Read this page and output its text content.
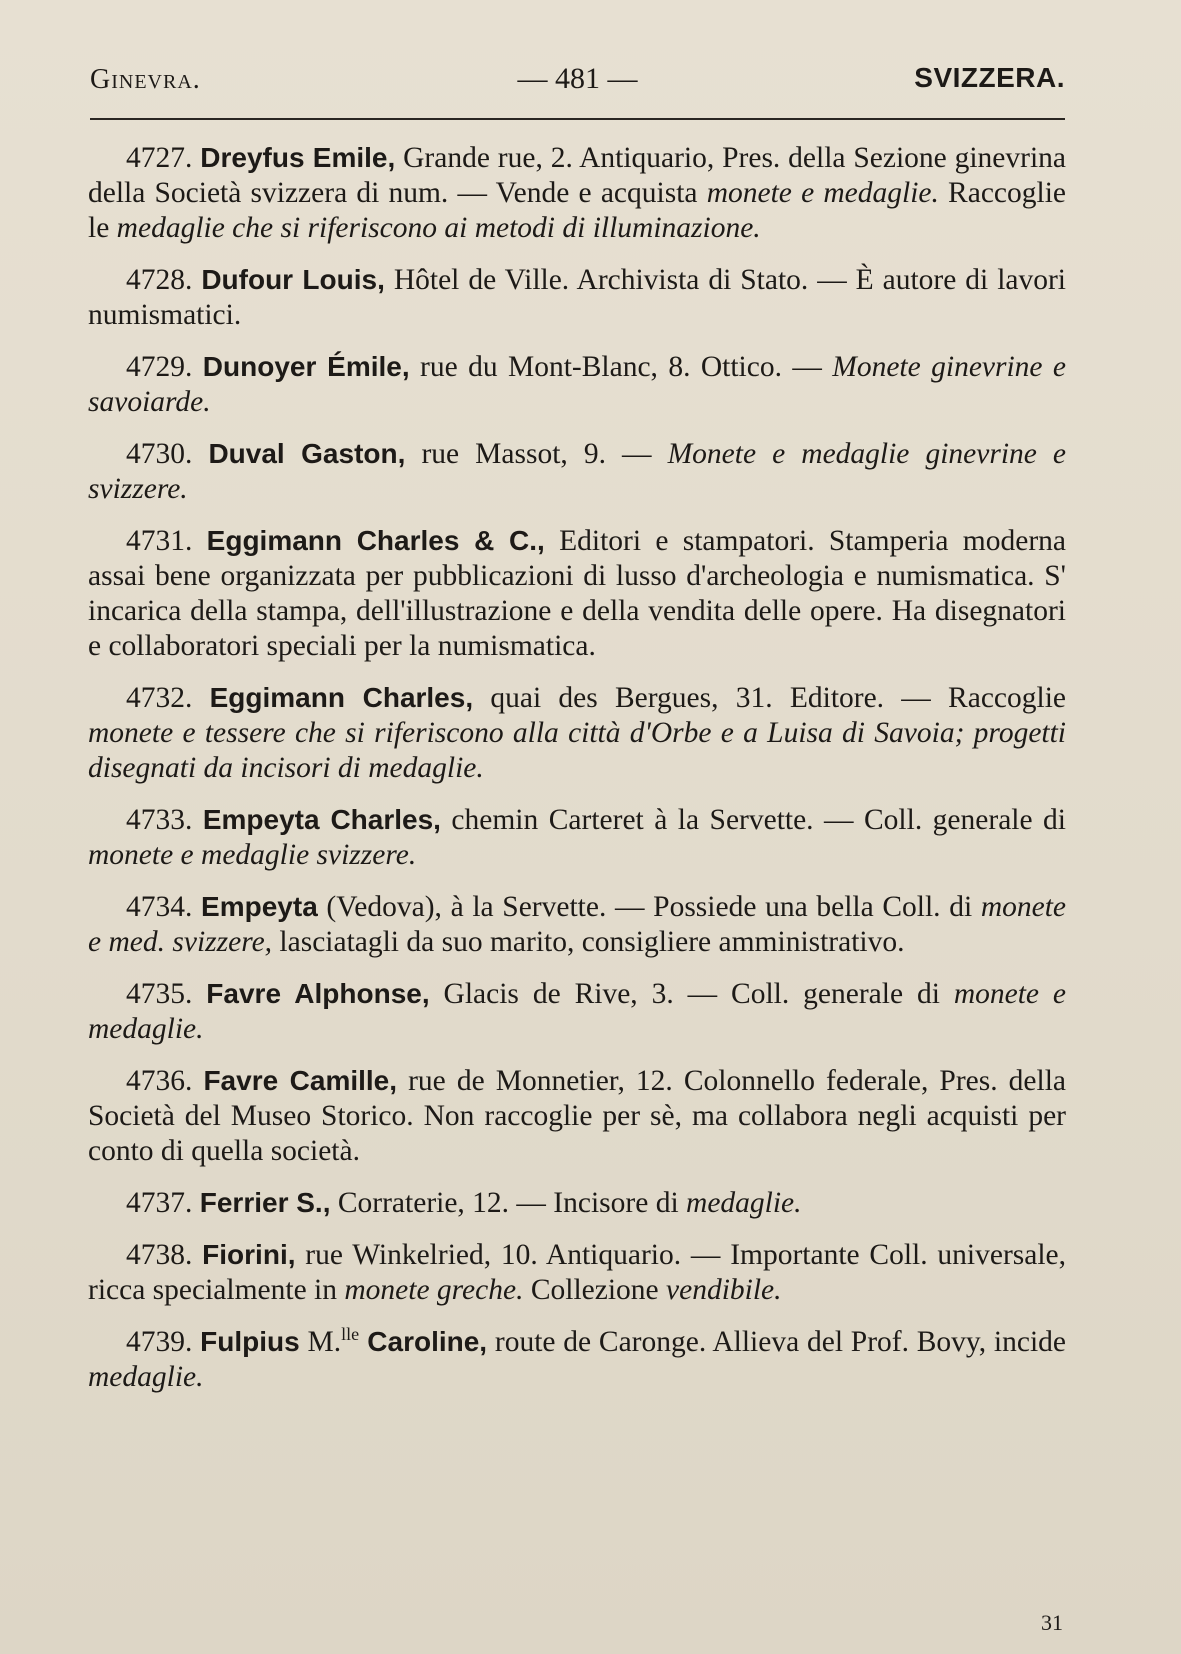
Ginevra.	— 481 —	SVIZZERA.

4727. Dreyfus Emile, Grande rue, 2. Antiquario, Pres. della Sezione ginevrina della Società svizzera di num. — Vende e acquista monete e medaglie. Raccoglie le medaglie che si riferiscono ai metodi di illuminazione.

4728. Dufour Louis, Hôtel de Ville. Archivista di Stato. — È autore di lavori numismatici.

4729. Dunoyer Émile, rue du Mont-Blanc, 8. Ottico. — Monete ginevrine e savoiarde.

4730. Duval Gaston, rue Massot, 9. — Monete e medaglie ginevrine e svizzere.

4731. Eggimann Charles & C., Editori e stampatori. Stamperia moderna assai bene organizzata per pubblicazioni di lusso d'archeologia e numismatica. S' incarica della stampa, dell'illustrazione e della vendita delle opere. Ha disegnatori e collaboratori speciali per la numismatica.

4732. Eggimann Charles, quai des Bergues, 31. Editore. — Raccoglie monete e tessere che si riferiscono alla città d'Orbe e a Luisa di Savoia; progetti disegnati da incisori di medaglie.

4733. Empeyta Charles, chemin Carteret à la Servette. — Coll. generale di monete e medaglie svizzere.

4734. Empeyta (Vedova), à la Servette. — Possiede una bella Coll. di monete e med. svizzere, lasciatagli da suo marito, consigliere amministrativo.

4735. Favre Alphonse, Glacis de Rive, 3. — Coll. generale di monete e medaglie.

4736. Favre Camille, rue de Monnetier, 12. Colonnello federale, Pres. della Società del Museo Storico. Non raccoglie per sè, ma collabora negli acquisti per conto di quella società.

4737. Ferrier S., Corraterie, 12. — Incisore di medaglie.

4738. Fiorini, rue Winkelried, 10. Antiquario. — Importante Coll. universale, ricca specialmente in monete greche. Collezione vendibile.

4739. Fulpius M.$^{lle}$ Caroline, route de Caronge. Allieva del Prof. Bovy, incide medaglie.

31
